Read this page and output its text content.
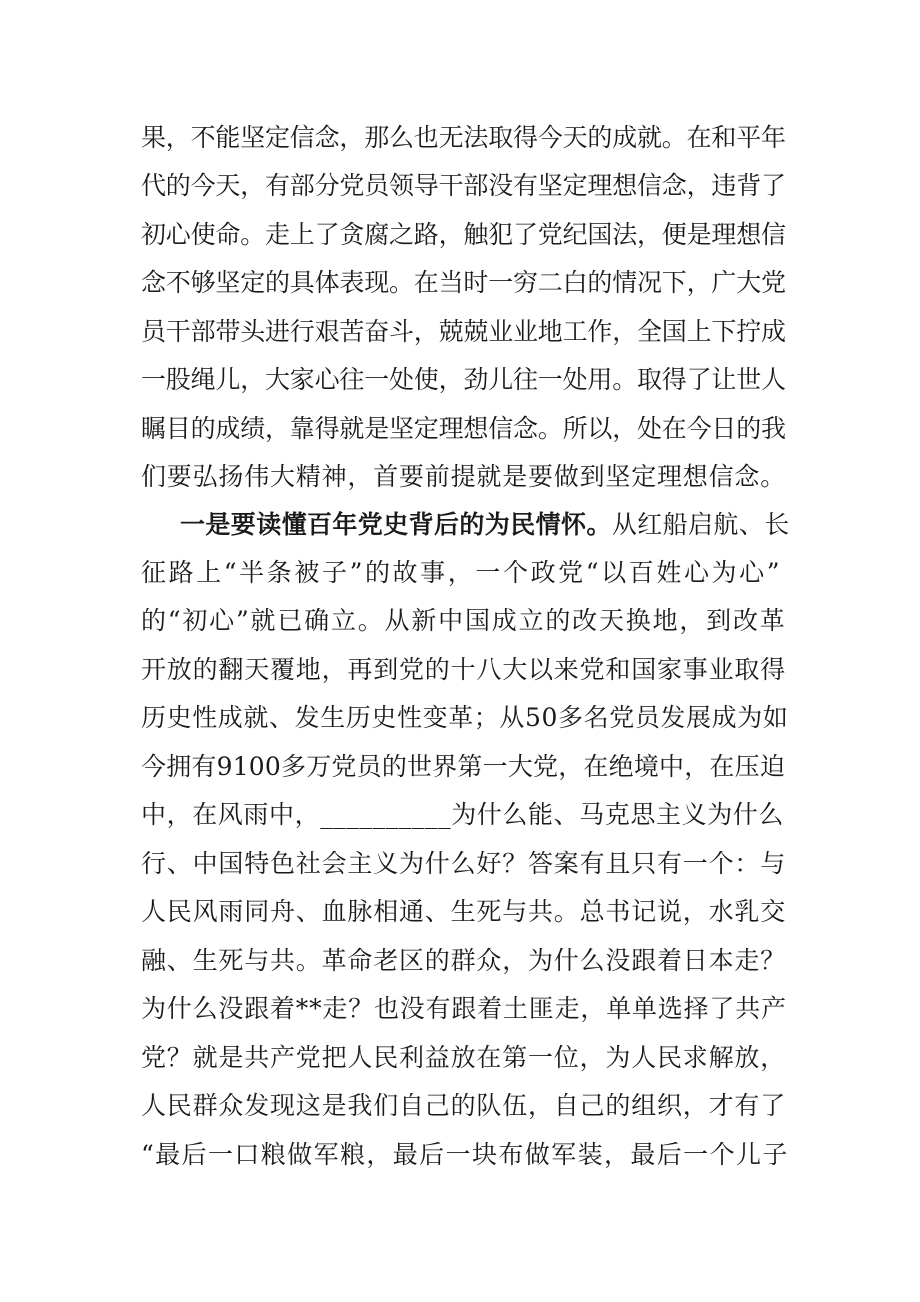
果，不能坚定信念，那么也无法取得今天的成就。在和平年
代的今天，有部分党员领导干部没有坚定理想信念，违背了
初心使命。走上了贪腐之路，触犯了党纪国法，便是理想信
念不够坚定的具体表现。在当时一穷二白的情况下，广大党
员干部带头进行艰苦奋斗，兢兢业业地工作，全国上下拧成
一股绳儿，大家心往一处使，劲儿往一处用。取得了让世人
瞩目的成绩，靠得就是坚定理想信念。所以，处在今日的我
们要弘扬伟大精神，首要前提就是要做到坚定理想信念。
一是要读懂百年党史背后的为民情怀。从红船启航、长
征路上“半条被子”的故事，一个政党“以百姓心为心”
的“初心”就已确立。从新中国成立的改天换地，到改革
开放的翻天覆地，再到党的十八大以来党和国家事业取得
历史性成就、发生历史性变革；从50多名党员发展成为如
今拥有9100多万党员的世界第一大党，在绝境中，在压迫
中，在风雨中，__________为什么能、马克思主义为什么
行、中国特色社会主义为什么好？答案有且只有一个：与
人民风雨同舟、血脉相通、生死与共。总书记说，水乳交
融、生死与共。革命老区的群众，为什么没跟着日本走？
为什么没跟着**走？也没有跟着土匪走，单单选择了共产
党？就是共产党把人民利益放在第一位，为人民求解放，
人民群众发现这是我们自己的队伍，自己的组织，才有了
“最后一口粮做军粮，最后一块布做军装，最后一个儿子
